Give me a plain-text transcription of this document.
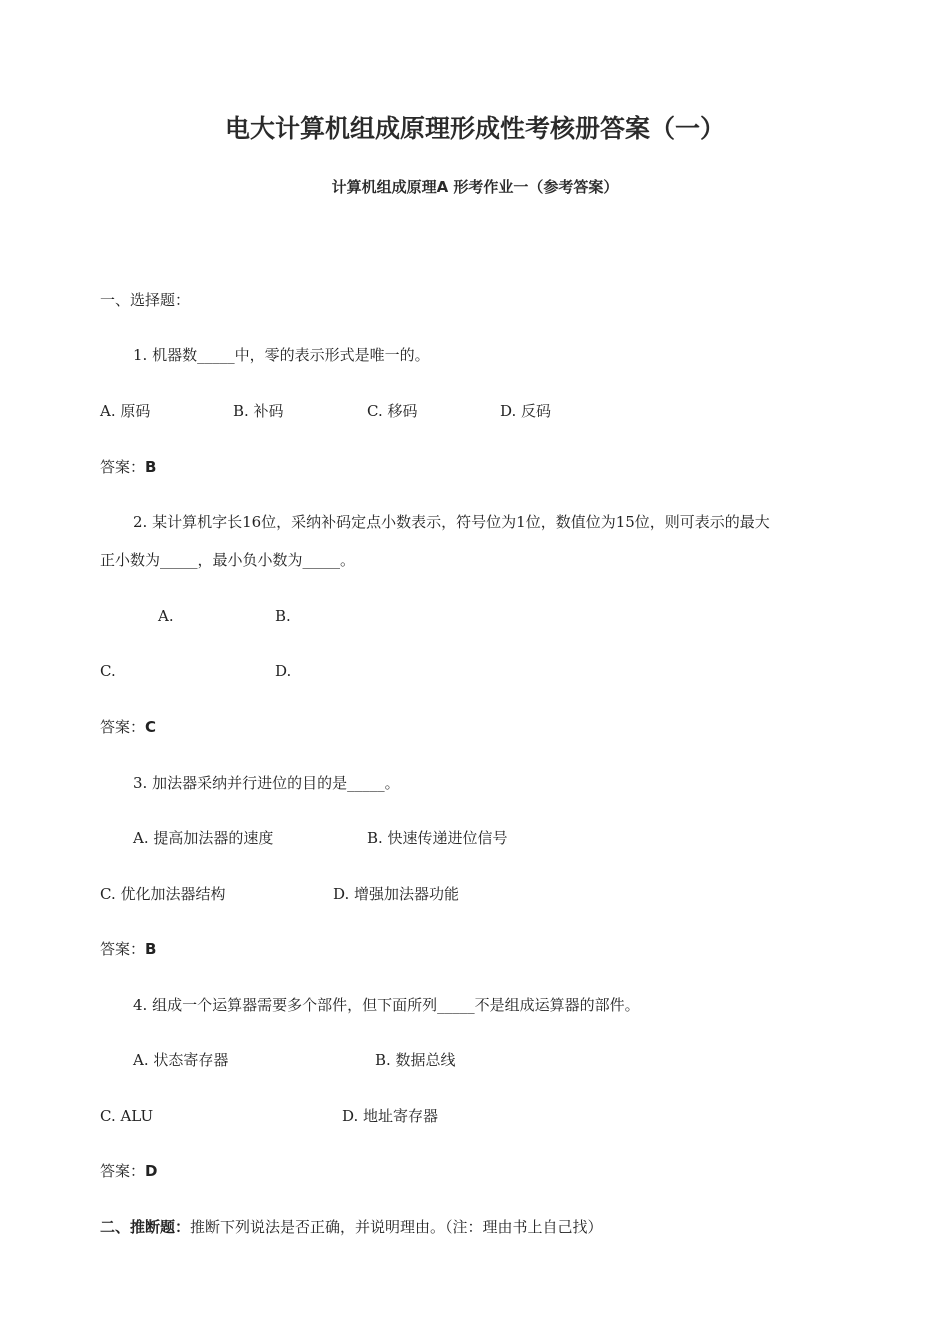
电大计算机组成原理形成性考核册答案（一）
计算机组成原理A 形考作业一（参考答案）
一、选择题：
1. 机器数_____中，零的表示形式是唯一的。
A. 原码	B. 补码	C. 移码	D. 反码
答案：B
2. 某计算机字长16位，采纳补码定点小数表示，符号位为1位，数值位为15位，则可表示的最大
正小数为_____，最小负小数为_____。
A.	B.
C.	D.
答案：C
3. 加法器采纳并行进位的目的是_____。
A. 提高加法器的速度	B. 快速传递进位信号
C. 优化加法器结构	D. 增强加法器功能
答案：B
4. 组成一个运算器需要多个部件，但下面所列_____不是组成运算器的部件。
A. 状态寄存器	B. 数据总线
C. ALU	D. 地址寄存器
答案：D
二、推断题：推断下列说法是否正确，并说明理由。（注：理由书上自己找）
